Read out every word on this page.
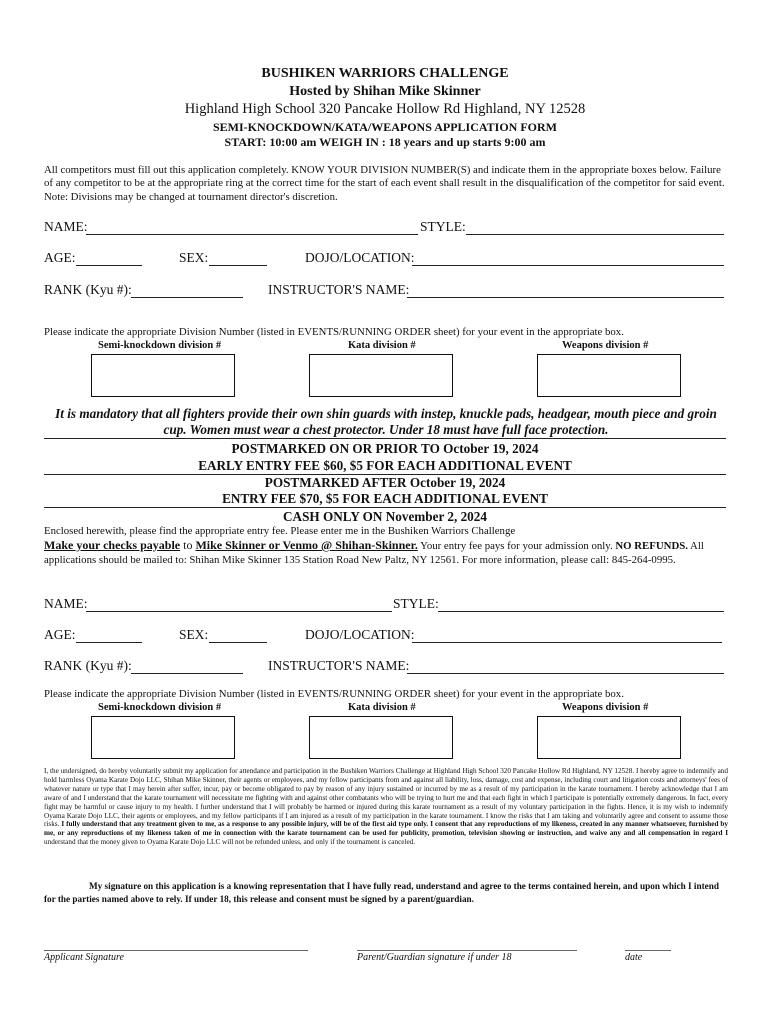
BUSHIKEN WARRIORS CHALLENGE
Hosted by Shihan Mike Skinner
Highland High School 320 Pancake Hollow Rd Highland, NY 12528
SEMI-KNOCKDOWN/KATA/WEAPONS APPLICATION FORM
START: 10:00 am WEIGH IN : 18 years and up starts 9:00 am
All competitors must fill out this application completely. KNOW YOUR DIVISION NUMBER(S) and indicate them in the appropriate boxes below. Failure of any competitor to be at the appropriate ring at the correct time for the start of each event shall result in the disqualification of the competitor for said event. Note: Divisions may be changed at tournament director's discretion.
NAME:	STYLE:
AGE:	SEX:	DOJO/LOCATION:
RANK (Kyu #):	INSTRUCTOR'S NAME:
Please indicate the appropriate Division Number (listed in EVENTS/RUNNING ORDER sheet) for your event in the appropriate box.
Semi-knockdown division #	Kata division #	Weapons division #
It is mandatory that all fighters provide their own shin guards with instep, knuckle pads, headgear, mouth piece and groin cup. Women must wear a chest protector. Under 18 must have full face protection.
POSTMARKED ON OR PRIOR TO October 19, 2024
EARLY ENTRY FEE $60, $5 FOR EACH ADDITIONAL EVENT
POSTMARKED AFTER October 19, 2024
ENTRY FEE $70, $5 FOR EACH ADDITIONAL EVENT
CASH ONLY ON November 2, 2024
Enclosed herewith, please find the appropriate entry fee. Please enter me in the Bushiken Warriors Challenge
Make your checks payable to Mike Skinner or Venmo @ Shihan-Skinner. Your entry fee pays for your admission only. NO REFUNDS. All applications should be mailed to: Shihan Mike Skinner 135 Station Road New Paltz, NY 12561. For more information, please call: 845-264-0995.
NAME:	STYLE:
AGE:	SEX:	DOJO/LOCATION:
RANK (Kyu #):	INSTRUCTOR'S NAME:
Please indicate the appropriate Division Number (listed in EVENTS/RUNNING ORDER sheet) for your event in the appropriate box.
Semi-knockdown division #	Kata division #	Weapons division #
I, the undersigned, do hereby voluntarily submit my application for attendance and participation in the Bushiken Warriors Challenge at Highland High School 320 Pancake Hollow Rd Highland, NY 12528. I hereby agree to indemnify and hold harmless Oyama Karate Dojo LLC, Shihan Mike Skinner, their agents or employees, and my fellow participants from and against all liability, loss, damage, cost and expense, including court and litigation costs and attorneys' fees of whatever nature or type that I may herein after suffer, incur, pay or become obligated to pay by reason of any injury sustained or incurred by me as a result of my participation in the karate tournament. I hereby acknowledge that I am aware of and I understand that the karate tournament will necessitate me fighting with and against other combatants who will be trying to hurt me and that each fight in which I participate is potentially extremely dangerous. In fact, every fight may be harmful or cause injury to my health. I further understand that I will probably be harmed or injured during this karate tournament as a result of my voluntary participation in the fights. Hence, it is my wish to indemnify Oyama Karate Dojo LLC, their agents or employees, and my fellow participants if I am injured as a result of my participation in the karate tournament. I know the risks that I am taking and voluntarily agree and consent to assume those risks. I fully understand that any treatment given to me, as a response to any possible injury, will be of the first aid type only. I consent that any reproductions of my likeness, created in any manner whatsoever, furnished by me, or any reproductions of my likeness taken of me in connection with the karate tournament can be used for publicity, promotion, television showing or instruction, and waive any and all compensation in regard I understand that the money given to Oyama Karate Dojo LLC will not be refunded unless, and only if the tournament is canceled.
My signature on this application is a knowing representation that I have fully read, understand and agree to the terms contained herein, and upon which I intend for the parties named above to rely. If under 18, this release and consent must be signed by a parent/guardian.
Applicant Signature	Parent/Guardian signature if under 18	date
